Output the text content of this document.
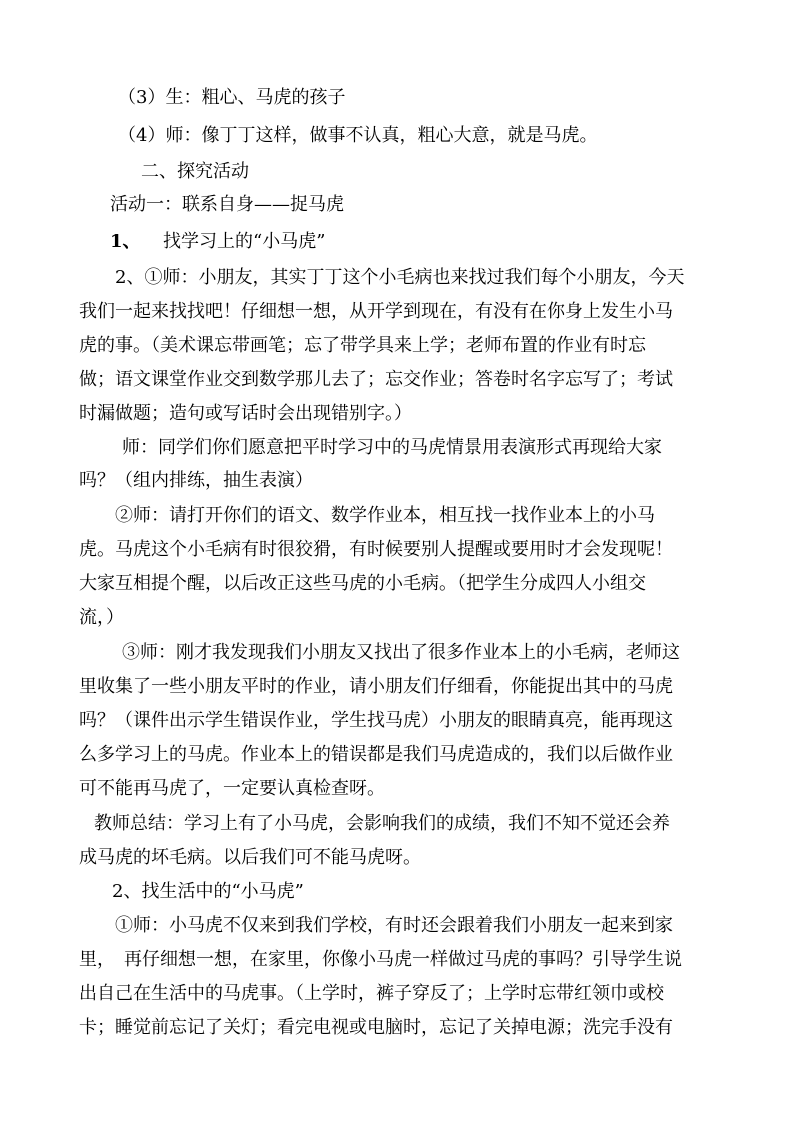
（3）生：粗心、马虎的孩子
（4）师：像丁丁这样，做事不认真，粗心大意，就是马虎。
二、探究活动
活动一：联系自身——捉马虎
1、 找学习上的“小马虎”
2、①师：小朋友，其实丁丁这个小毛病也来找过我们每个小朋友，今天
我们一起来找找吧！仔细想一想，从开学到现在，有没有在你身上发生小马
虎的事。（美术课忘带画笔；忘了带学具来上学；老师布置的作业有时忘
做；语文课堂作业交到数学那儿去了；忘交作业；答卷时名字忘写了；考试
时漏做题；造句或写话时会出现错别字。）
师：同学们你们愿意把平时学习中的马虎情景用表演形式再现给大家
吗？（组内排练，抽生表演）
②师：请打开你们的语文、数学作业本，相互找一找作业本上的小马
虎。马虎这个小毛病有时很狡猾，有时候要别人提醒或要用时才会发现呢！
大家互相提个醒，以后改正这些马虎的小毛病。（把学生分成四人小组交
流，）
③师：刚才我发现我们小朋友又找出了很多作业本上的小毛病，老师这
里收集了一些小朋友平时的作业，请小朋友们仔细看，你能捉出其中的马虎
吗？（课件出示学生错误作业，学生找马虎）小朋友的眼睛真亮，能再现这
么多学习上的马虎。作业本上的错误都是我们马虎造成的，我们以后做作业
可不能再马虎了，一定要认真检查呀。
教师总结：学习上有了小马虎，会影响我们的成绩，我们不知不觉还会养
成马虎的坏毛病。以后我们可不能马虎呀。
2、找生活中的“小马虎”
①师：小马虎不仅来到我们学校，有时还会跟着我们小朋友一起来到家
里，　再仔细想一想，在家里，你像小马虎一样做过马虎的事吗？引导学生说
出自己在生活中的马虎事。（上学时，裤子穿反了；上学时忘带红领巾或校
卡；睡觉前忘记了关灯；看完电视或电脑时，忘记了关掉电源；洗完手没有
